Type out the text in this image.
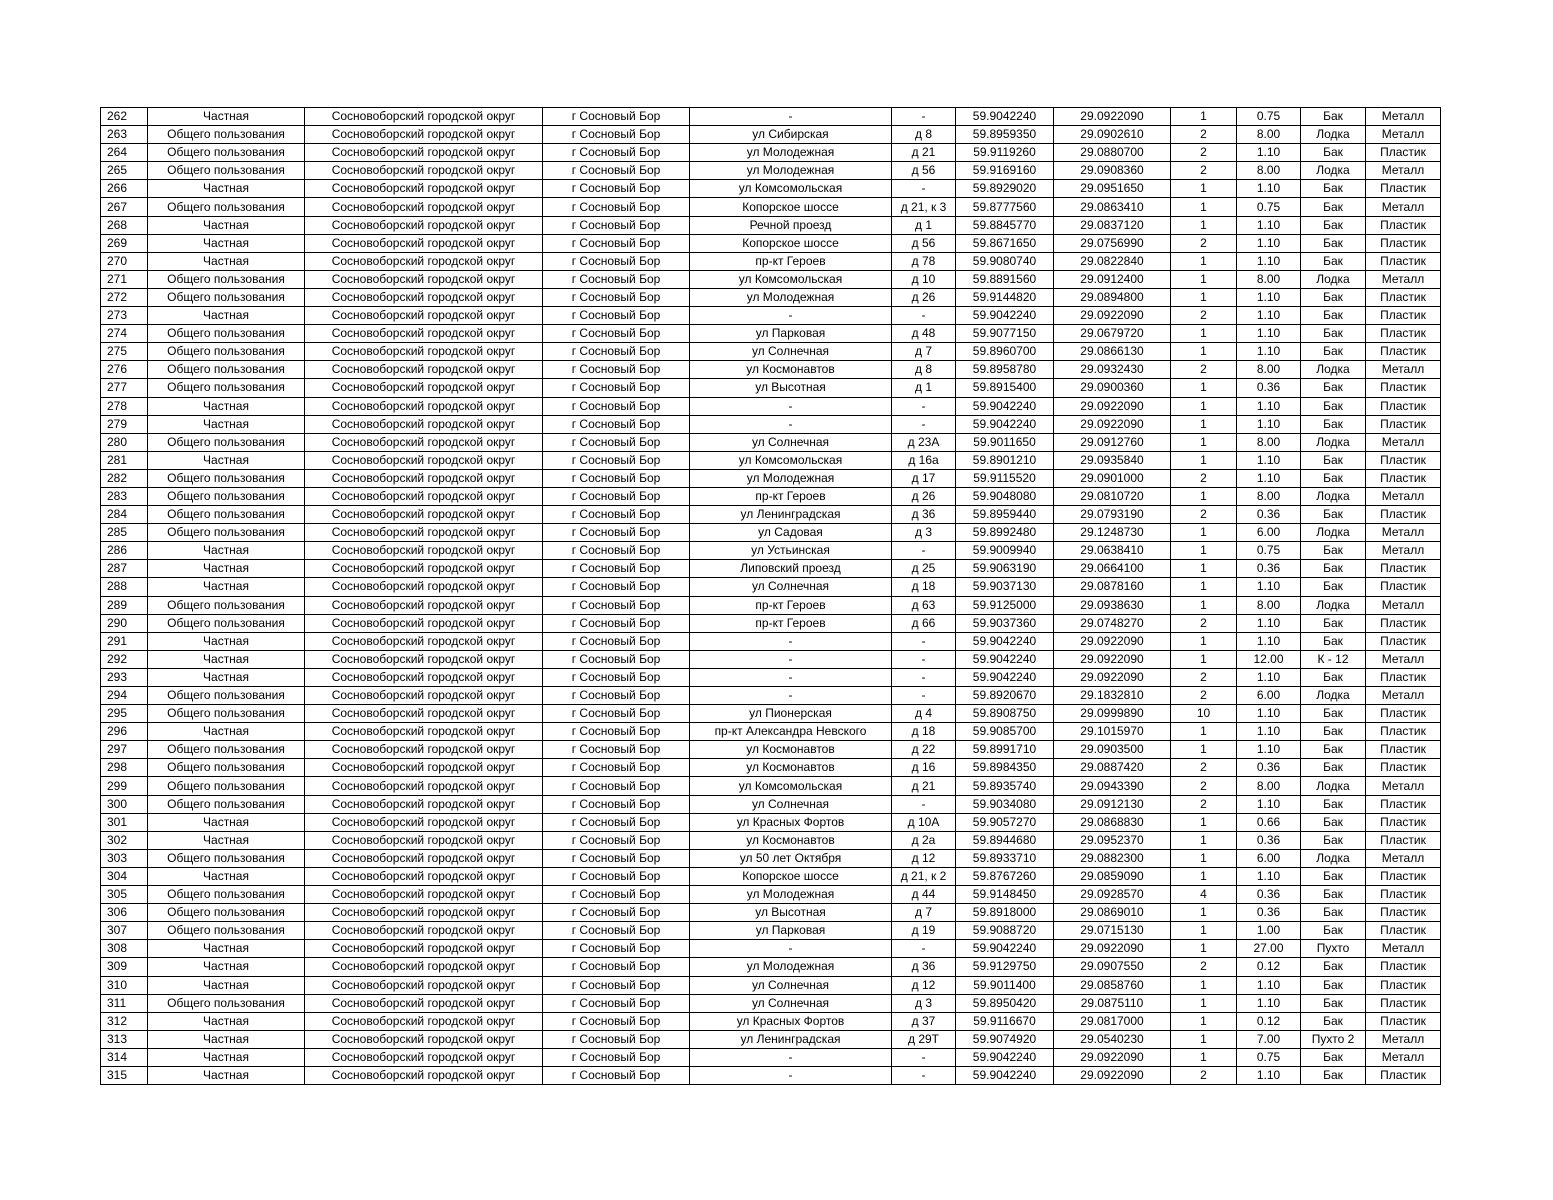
262	Частная	Сосновоборский городской округ	г Сосновый Бор	-	-	59.9042240	29.0922090	1	0.75	Бак	Металл
263	Общего пользования	Сосновоборский городской округ	г Сосновый Бор	ул Сибирская	д 8	59.8959350	29.0902610	2	8.00	Лодка	Металл
264	Общего пользования	Сосновоборский городской округ	г Сосновый Бор	ул Молодежная	д 21	59.9119260	29.0880700	2	1.10	Бак	Пластик
265	Общего пользования	Сосновоборский городской округ	г Сосновый Бор	ул Молодежная	д 56	59.9169160	29.0908360	2	8.00	Лодка	Металл
266	Частная	Сосновоборский городской округ	г Сосновый Бор	ул Комсомольская	-	59.8929020	29.0951650	1	1.10	Бак	Пластик
267	Общего пользования	Сосновоборский городской округ	г Сосновый Бор	Копорское шоссе	д 21, к 3	59.8777560	29.0863410	1	0.75	Бак	Металл
268	Частная	Сосновоборский городской округ	г Сосновый Бор	Речной проезд	д 1	59.8845770	29.0837120	1	1.10	Бак	Пластик
269	Частная	Сосновоборский городской округ	г Сосновый Бор	Копорское шоссе	д 56	59.8671650	29.0756990	2	1.10	Бак	Пластик
270	Частная	Сосновоборский городской округ	г Сосновый Бор	пр-кт Героев	д 78	59.9080740	29.0822840	1	1.10	Бак	Пластик
271	Общего пользования	Сосновоборский городской округ	г Сосновый Бор	ул Комсомольская	д 10	59.8891560	29.0912400	1	8.00	Лодка	Металл
272	Общего пользования	Сосновоборский городской округ	г Сосновый Бор	ул Молодежная	д 26	59.9144820	29.0894800	1	1.10	Бак	Пластик
273	Частная	Сосновоборский городской округ	г Сосновый Бор	-	-	59.9042240	29.0922090	2	1.10	Бак	Пластик
274	Общего пользования	Сосновоборский городской округ	г Сосновый Бор	ул Парковая	д 48	59.9077150	29.0679720	1	1.10	Бак	Пластик
275	Общего пользования	Сосновоборский городской округ	г Сосновый Бор	ул Солнечная	д 7	59.8960700	29.0866130	1	1.10	Бак	Пластик
276	Общего пользования	Сосновоборский городской округ	г Сосновый Бор	ул Космонавтов	д 8	59.8958780	29.0932430	2	8.00	Лодка	Металл
277	Общего пользования	Сосновоборский городской округ	г Сосновый Бор	ул Высотная	д 1	59.8915400	29.0900360	1	0.36	Бак	Пластик
278	Частная	Сосновоборский городской округ	г Сосновый Бор	-	-	59.9042240	29.0922090	1	1.10	Бак	Пластик
279	Частная	Сосновоборский городской округ	г Сосновый Бор	-	-	59.9042240	29.0922090	1	1.10	Бак	Пластик
280	Общего пользования	Сосновоборский городской округ	г Сосновый Бор	ул Солнечная	д 23А	59.9011650	29.0912760	1	8.00	Лодка	Металл
281	Частная	Сосновоборский городской округ	г Сосновый Бор	ул Комсомольская	д 16а	59.8901210	29.0935840	1	1.10	Бак	Пластик
282	Общего пользования	Сосновоборский городской округ	г Сосновый Бор	ул Молодежная	д 17	59.9115520	29.0901000	2	1.10	Бак	Пластик
283	Общего пользования	Сосновоборский городской округ	г Сосновый Бор	пр-кт Героев	д 26	59.9048080	29.0810720	1	8.00	Лодка	Металл
284	Общего пользования	Сосновоборский городской округ	г Сосновый Бор	ул Ленинградская	д 36	59.8959440	29.0793190	2	0.36	Бак	Пластик
285	Общего пользования	Сосновоборский городской округ	г Сосновый Бор	ул Садовая	д 3	59.8992480	29.1248730	1	6.00	Лодка	Металл
286	Частная	Сосновоборский городской округ	г Сосновый Бор	ул Устьинская	-	59.9009940	29.0638410	1	0.75	Бак	Металл
287	Частная	Сосновоборский городской округ	г Сосновый Бор	Липовский проезд	д 25	59.9063190	29.0664100	1	0.36	Бак	Пластик
288	Частная	Сосновоборский городской округ	г Сосновый Бор	ул Солнечная	д 18	59.9037130	29.0878160	1	1.10	Бак	Пластик
289	Общего пользования	Сосновоборский городской округ	г Сосновый Бор	пр-кт Героев	д 63	59.9125000	29.0938630	1	8.00	Лодка	Металл
290	Общего пользования	Сосновоборский городской округ	г Сосновый Бор	пр-кт Героев	д 66	59.9037360	29.0748270	2	1.10	Бак	Пластик
291	Частная	Сосновоборский городской округ	г Сосновый Бор	-	-	59.9042240	29.0922090	1	1.10	Бак	Пластик
292	Частная	Сосновоборский городской округ	г Сосновый Бор	-	-	59.9042240	29.0922090	1	12.00	К - 12	Металл
293	Частная	Сосновоборский городской округ	г Сосновый Бор	-	-	59.9042240	29.0922090	2	1.10	Бак	Пластик
294	Общего пользования	Сосновоборский городской округ	г Сосновый Бор	-	-	59.8920670	29.1832810	2	6.00	Лодка	Металл
295	Общего пользования	Сосновоборский городской округ	г Сосновый Бор	ул Пионерская	д 4	59.8908750	29.0999890	10	1.10	Бак	Пластик
296	Частная	Сосновоборский городской округ	г Сосновый Бор	пр-кт Александра Невского	д 18	59.9085700	29.1015970	1	1.10	Бак	Пластик
297	Общего пользования	Сосновоборский городской округ	г Сосновый Бор	ул Космонавтов	д 22	59.8991710	29.0903500	1	1.10	Бак	Пластик
298	Общего пользования	Сосновоборский городской округ	г Сосновый Бор	ул Космонавтов	д 16	59.8984350	29.0887420	2	0.36	Бак	Пластик
299	Общего пользования	Сосновоборский городской округ	г Сосновый Бор	ул Комсомольская	д 21	59.8935740	29.0943390	2	8.00	Лодка	Металл
300	Общего пользования	Сосновоборский городской округ	г Сосновый Бор	ул Солнечная	-	59.9034080	29.0912130	2	1.10	Бак	Пластик
301	Частная	Сосновоборский городской округ	г Сосновый Бор	ул Красных Фортов	д 10А	59.9057270	29.0868830	1	0.66	Бак	Пластик
302	Частная	Сосновоборский городской округ	г Сосновый Бор	ул Космонавтов	д 2а	59.8944680	29.0952370	1	0.36	Бак	Пластик
303	Общего пользования	Сосновоборский городской округ	г Сосновый Бор	ул 50 лет Октября	д 12	59.8933710	29.0882300	1	6.00	Лодка	Металл
304	Частная	Сосновоборский городской округ	г Сосновый Бор	Копорское шоссе	д 21, к 2	59.8767260	29.0859090	1	1.10	Бак	Пластик
305	Общего пользования	Сосновоборский городской округ	г Сосновый Бор	ул Молодежная	д 44	59.9148450	29.0928570	4	0.36	Бак	Пластик
306	Общего пользования	Сосновоборский городской округ	г Сосновый Бор	ул Высотная	д 7	59.8918000	29.0869010	1	0.36	Бак	Пластик
307	Общего пользования	Сосновоборский городской округ	г Сосновый Бор	ул Парковая	д 19	59.9088720	29.0715130	1	1.00	Бак	Пластик
308	Частная	Сосновоборский городской округ	г Сосновый Бор	-	-	59.9042240	29.0922090	1	27.00	Пухто	Металл
309	Частная	Сосновоборский городской округ	г Сосновый Бор	ул Молодежная	д 36	59.9129750	29.0907550	2	0.12	Бак	Пластик
310	Частная	Сосновоборский городской округ	г Сосновый Бор	ул Солнечная	д 12	59.9011400	29.0858760	1	1.10	Бак	Пластик
311	Общего пользования	Сосновоборский городской округ	г Сосновый Бор	ул Солнечная	д 3	59.8950420	29.0875110	1	1.10	Бак	Пластик
312	Частная	Сосновоборский городской округ	г Сосновый Бор	ул Красных Фортов	д 37	59.9116670	29.0817000	1	0.12	Бак	Пластик
313	Частная	Сосновоборский городской округ	г Сосновый Бор	ул Ленинградская	д 29Т	59.9074920	29.0540230	1	7.00	Пухто 2	Металл
314	Частная	Сосновоборский городской округ	г Сосновый Бор	-	-	59.9042240	29.0922090	1	0.75	Бак	Металл
315	Частная	Сосновоборский городской округ	г Сосновый Бор	-	-	59.9042240	29.0922090	2	1.10	Бак	Пластик
